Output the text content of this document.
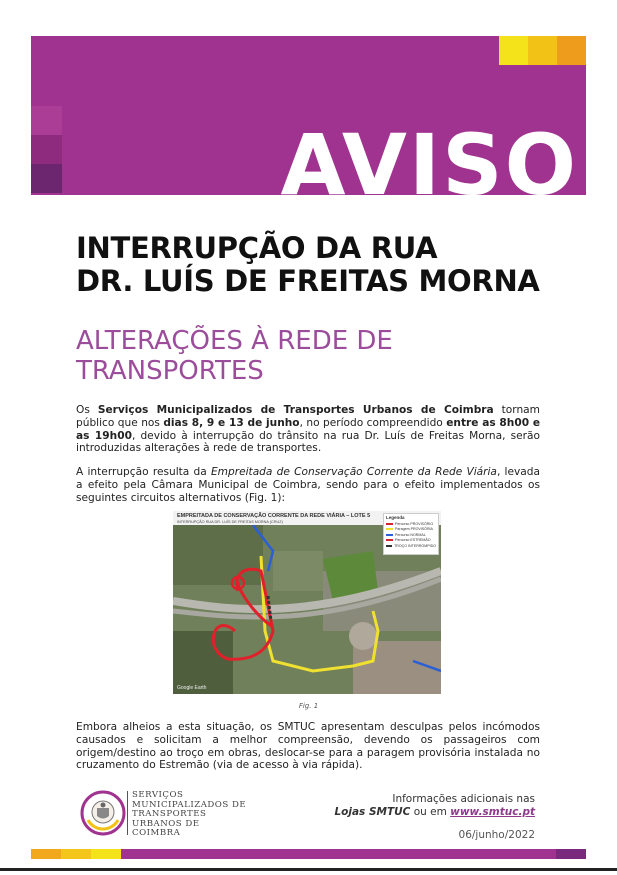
AVISO
INTERRUPÇÃO DA RUA
DR. LUÍS DE FREITAS MORNA
ALTERAÇÕES À REDE DE
TRANSPORTES
Os Serviços Municipalizados de Transportes Urbanos de Coimbra tornam público que nos dias 8, 9 e 13 de junho, no período compreendido entre as 8h00 e as 19h00, devido à interrupção do trânsito na rua Dr. Luís de Freitas Morna, serão introduzidas alterações à rede de transportes.
A interrupção resulta da Empreitada de Conservação Corrente da Rede Viária, levada a efeito pela Câmara Municipal de Coimbra, sendo para o efeito implementados os seguintes circuitos alternativos (Fig. 1):
EMPREITADA DE CONSERVAÇÃO CORRENTE DA REDE VIÁRIA – LOTE 5
INTERRUPÇÃO RUA DR. LUÍS DE FREITAS MORNA (CRUZ)
Legenda
Percurso PROVISÓRIO
Paragem PROVISÓRIA
Percurso NORMAL
Percurso ESTREMÃO
TROÇO INTERROMPIDO
Google Earth
Fig. 1
Embora alheios a esta situação, os SMTUC apresentam desculpas pelos incómodos causados e solicitam a melhor compreensão, devendo os passageiros com origem/destino ao troço em obras, deslocar-se para a paragem provisória instalada no cruzamento do Estremão (via de acesso à via rápida).
SERVIÇOS
MUNICIPALIZADOS DE
TRANSPORTES
URBANOS DE
COIMBRA
Informações adicionais nas
Lojas SMTUC ou em www.smtuc.pt
06/junho/2022
